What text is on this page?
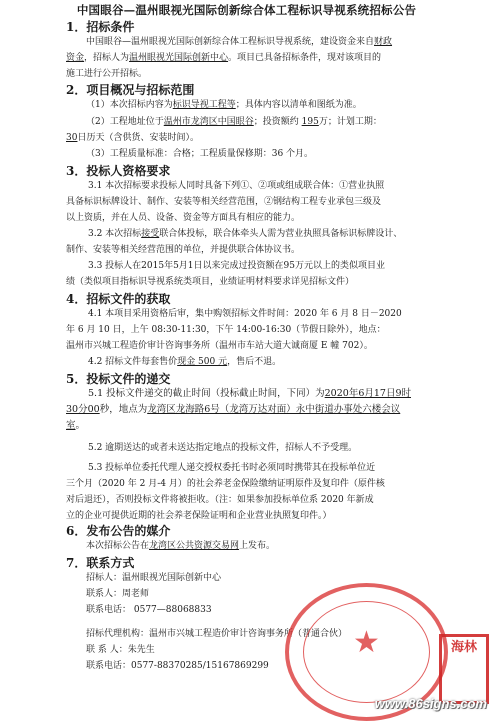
中国眼谷—温州眼视光国际创新综合体工程标识导视系统招标公告
1．招标条件
中国眼谷—温州眼视光国际创新综合体工程标识导视系统，建设资金来自财政
资金，招标人为温州眼视光国际创新中心。项目已具备招标条件，现对该项目的
施工进行公开招标。
2．项目概况与招标范围
（1）本次招标内容为标识导视工程等；具体内容以清单和图纸为准。
（2）工程地址位于温州市龙湾区中国眼谷；投资额约 195万；计划工期：
30日历天（含供货、安装时间）。
（3）工程质量标准：合格；工程质量保修期：36 个月。
3．投标人资格要求
3.1 本次招标要求投标人同时具备下列①、②项或组成联合体：①营业执照
具备标识标牌设计、制作、安装等相关经营范围，②钢结构工程专业承包三级及
以上资质，并在人员、设备、资金等方面具有相应的能力。
3.2 本次招标接受联合体投标，联合体牵头人需为营业执照具备标识标牌设计、
制作、安装等相关经营范围的单位，并提供联合体协议书。
3.3 投标人在2015年5月1日以来完成过投资额在95万元以上的类似项目业
绩（类似项目指标识导视系统类项目，业绩证明材料要求详见招标文件）
4．招标文件的获取
4.1 本项目采用资格后审，集中购领招标文件时间：2020 年 6 月 8 日－2020
年 6 月 10 日，上午 08:30-11:30，下午 14:00-16:30（节假日除外），地点：
温州市兴城工程造价审计咨询事务所（温州市车站大道大诚商厦 E 幢 702）。
4.2 招标文件每套售价现金 500 元，售后不退。
5．投标文件的递交
5.1 投标文件递交的截止时间（投标截止时间，下同）为2020年6月17日9时
30分00秒，地点为龙湾区龙海路6号（龙湾万达对面）永中街道办事处六楼会议
室。
5.2 逾期送达的或者未送达指定地点的投标文件，招标人不予受理。
5.3 投标单位委托代理人递交授权委托书时必须同时携带其在投标单位近
三个月（2020 年 2 月-4 月）的社会养老金保险缴纳证明原件及复印件（原件核
对后退还），否则投标文件将被拒收。（注：如果参加投标单位系 2020 年新成
立的企业可提供近期的社会养老保险证明和企业营业执照复印件。）
6．发布公告的媒介
本次招标公告在龙湾区公共资源交易网上发布。
7．联系方式
招标人：温州眼视光国际创新中心
联系人：周老师
联系电话： 0577—88068833
招标代理机构：温州市兴城工程造价审计咨询事务所（普通合伙）
联 系 人：朱先生
联系电话：0577-88370285/15167869299
★	海林
www.86signs.com
